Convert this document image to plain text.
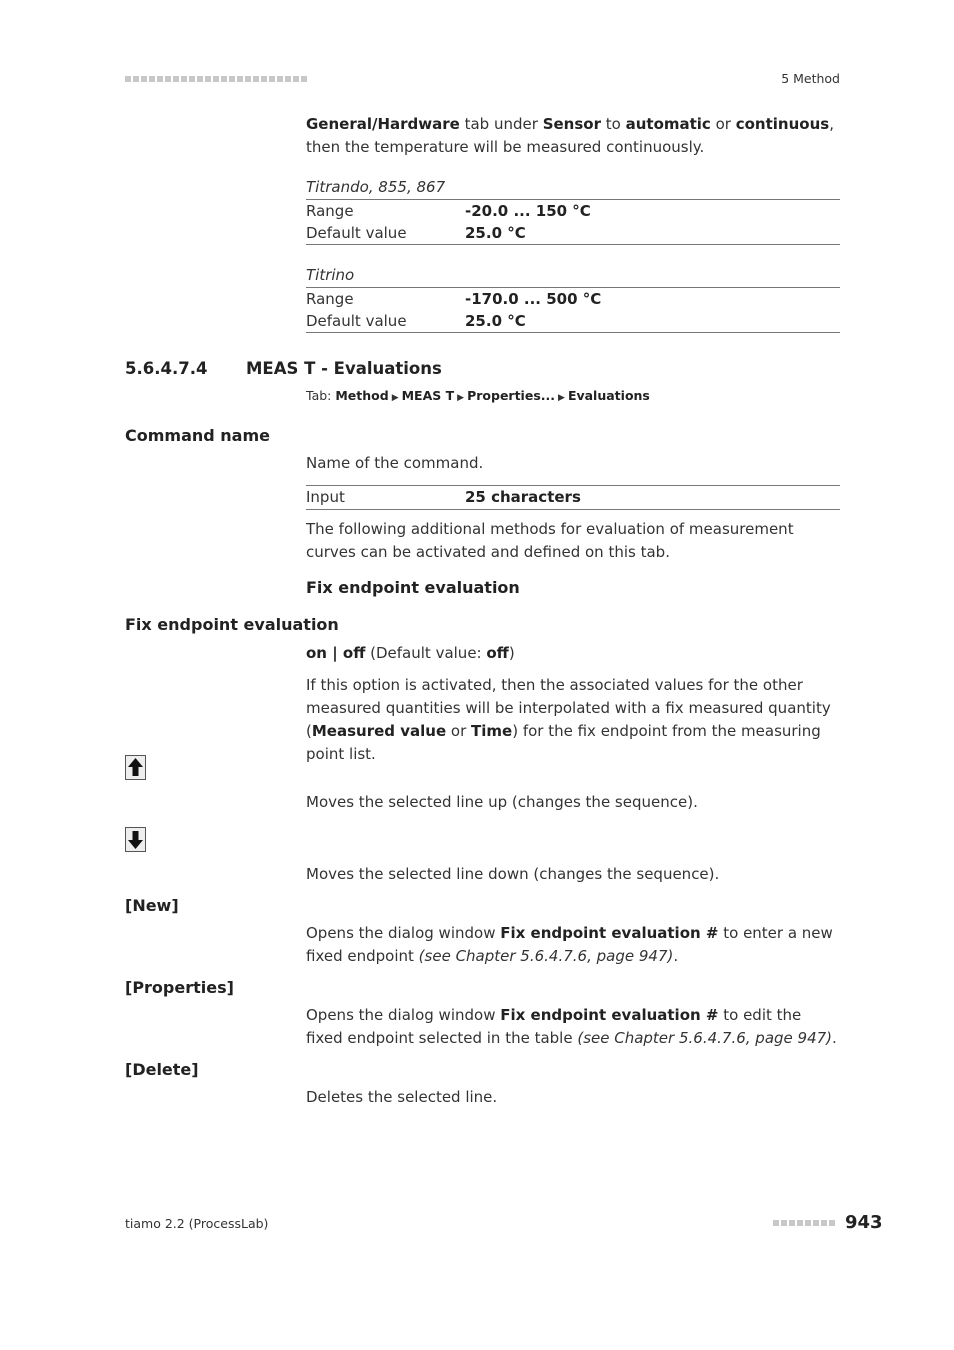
5 Method
General/Hardware tab under Sensor to automatic or continuous, then the temperature will be measured continuously.
Titrando, 855, 867
Range	-20.0 ... 150 °C
Default value	25.0 °C
Titrino
Range	-170.0 ... 500 °C
Default value	25.0 °C
5.6.4.7.4 MEAS T - Evaluations
Tab: Method ▶ MEAS T ▶ Properties... ▶ Evaluations
Command name
Name of the command.
Input	25 characters
The following additional methods for evaluation of measurement curves can be activated and defined on this tab.
Fix endpoint evaluation
Fix endpoint evaluation
on | off (Default value: off)
If this option is activated, then the associated values for the other measured quantities will be interpolated with a fix measured quantity (Measured value or Time) for the fix endpoint from the measuring point list.
Moves the selected line up (changes the sequence).
Moves the selected line down (changes the sequence).
[New]
Opens the dialog window Fix endpoint evaluation # to enter a new fixed endpoint (see Chapter 5.6.4.7.6, page 947).
[Properties]
Opens the dialog window Fix endpoint evaluation # to edit the fixed endpoint selected in the table (see Chapter 5.6.4.7.6, page 947).
[Delete]
Deletes the selected line.
tiamo 2.2 (ProcessLab)	943
